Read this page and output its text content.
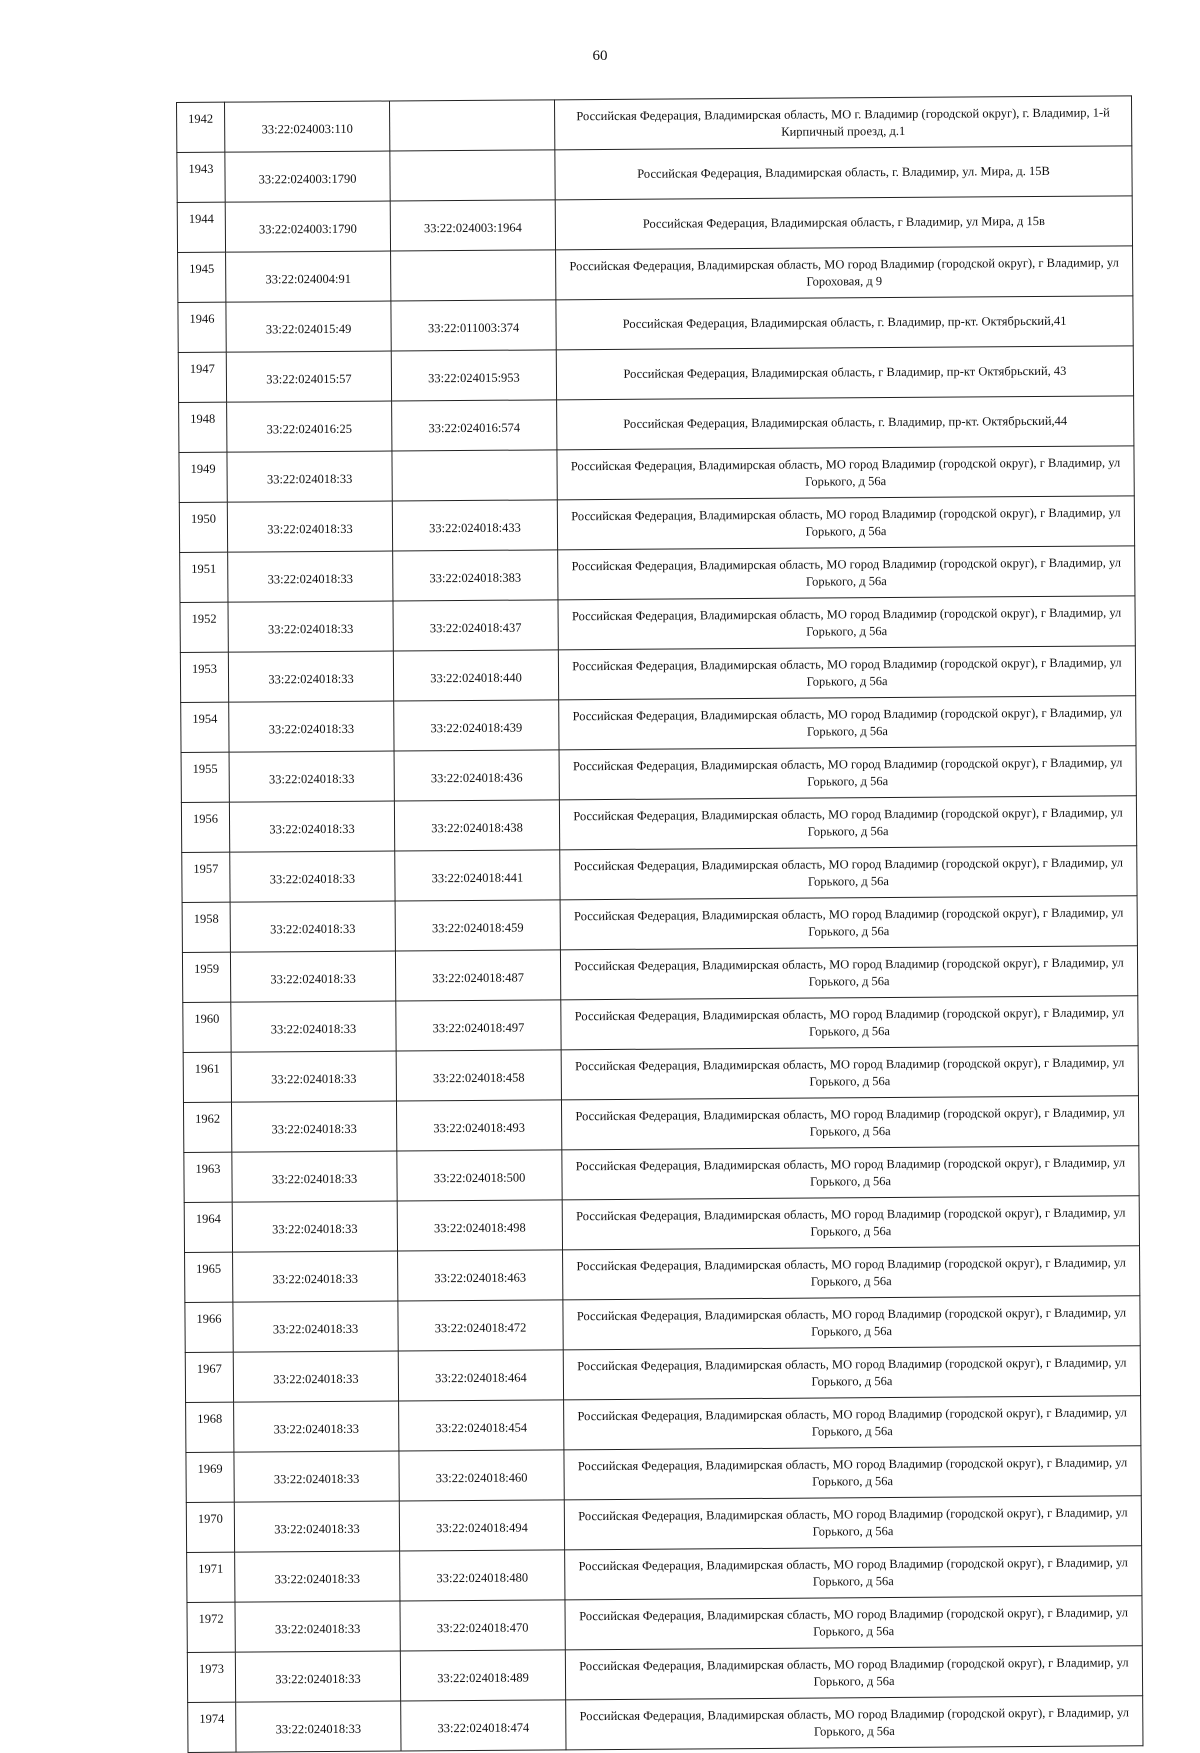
60
1942	33:22:024003:110		Российская Федерация, Владимирская область, МО г. Владимир (городской округ), г. Владимир, 1-й Кирпичный проезд, д.1
1943	33:22:024003:1790		Российская Федерация, Владимирская область, г. Владимир, ул. Мира, д. 15В
1944	33:22:024003:1790	33:22:024003:1964	Российская Федерация, Владимирская область, г Владимир, ул Мира, д 15в
1945	33:22:024004:91		Российская Федерация, Владимирская область, МО город Владимир (городской округ), г Владимир, ул Гороховая, д 9
1946	33:22:024015:49	33:22:011003:374	Российская Федерация, Владимирская область, г. Владимир, пр-кт. Октябрьский,41
1947	33:22:024015:57	33:22:024015:953	Российская Федерация, Владимирская область, г Владимир, пр-кт Октябрьский, 43
1948	33:22:024016:25	33:22:024016:574	Российская Федерация, Владимирская область, г. Владимир, пр-кт. Октябрьский,44
1949	33:22:024018:33		Российская Федерация, Владимирская область, МО город Владимир (городской округ), г Владимир, ул Горького, д 56а
1950	33:22:024018:33	33:22:024018:433	Российская Федерация, Владимирская область, МО город Владимир (городской округ), г Владимир, ул Горького, д 56а
1951	33:22:024018:33	33:22:024018:383	Российская Федерация, Владимирская область, МО город Владимир (городской округ), г Владимир, ул Горького, д 56а
1952	33:22:024018:33	33:22:024018:437	Российская Федерация, Владимирская область, МО город Владимир (городской округ), г Владимир, ул Горького, д 56а
1953	33:22:024018:33	33:22:024018:440	Российская Федерация, Владимирская область, МО город Владимир (городской округ), г Владимир, ул Горького, д 56а
1954	33:22:024018:33	33:22:024018:439	Российская Федерация, Владимирская область, МО город Владимир (городской округ), г Владимир, ул Горького, д 56а
1955	33:22:024018:33	33:22:024018:436	Российская Федерация, Владимирская область, МО город Владимир (городской округ), г Владимир, ул Горького, д 56а
1956	33:22:024018:33	33:22:024018:438	Российская Федерация, Владимирская область, МО город Владимир (городской округ), г Владимир, ул Горького, д 56а
1957	33:22:024018:33	33:22:024018:441	Российская Федерация, Владимирская область, МО город Владимир (городской округ), г Владимир, ул Горького, д 56а
1958	33:22:024018:33	33:22:024018:459	Российская Федерация, Владимирская область, МО город Владимир (городской округ), г Владимир, ул Горького, д 56а
1959	33:22:024018:33	33:22:024018:487	Российская Федерация, Владимирская область, МО город Владимир (городской округ), г Владимир, ул Горького, д 56а
1960	33:22:024018:33	33:22:024018:497	Российская Федерация, Владимирская область, МО город Владимир (городской округ), г Владимир, ул Горького, д 56а
1961	33:22:024018:33	33:22:024018:458	Российская Федерация, Владимирская область, МО город Владимир (городской округ), г Владимир, ул Горького, д 56а
1962	33:22:024018:33	33:22:024018:493	Российская Федерация, Владимирская область, МО город Владимир (городской округ), г Владимир, ул Горького, д 56а
1963	33:22:024018:33	33:22:024018:500	Российская Федерация, Владимирская область, МО город Владимир (городской округ), г Владимир, ул Горького, д 56а
1964	33:22:024018:33	33:22:024018:498	Российская Федерация, Владимирская область, МО город Владимир (городской округ), г Владимир, ул Горького, д 56а
1965	33:22:024018:33	33:22:024018:463	Российская Федерация, Владимирская область, МО город Владимир (городской округ), г Владимир, ул Горького, д 56а
1966	33:22:024018:33	33:22:024018:472	Российская Федерация, Владимирская область, МО город Владимир (городской округ), г Владимир, ул Горького, д 56а
1967	33:22:024018:33	33:22:024018:464	Российская Федерация, Владимирская область, МО город Владимир (городской округ), г Владимир, ул Горького, д 56а
1968	33:22:024018:33	33:22:024018:454	Российская Федерация, Владимирская область, МО город Владимир (городской округ), г Владимир, ул Горького, д 56а
1969	33:22:024018:33	33:22:024018:460	Российская Федерация, Владимирская область, МО город Владимир (городской округ), г Владимир, ул Горького, д 56а
1970	33:22:024018:33	33:22:024018:494	Российская Федерация, Владимирская область, МО город Владимир (городской округ), г Владимир, ул Горького, д 56а
1971	33:22:024018:33	33:22:024018:480	Российская Федерация, Владимирская область, МО город Владимир (городской округ), г Владимир, ул Горького, д 56а
1972	33:22:024018:33	33:22:024018:470	Российская Федерация, Владимирская сбласть, МО город Владимир (городской округ), г Владимир, ул Горького, д 56а
1973	33:22:024018:33	33:22:024018:489	Российская Федерация, Владимирская область, МО город Владимир (городской округ), г Владимир, ул Горького, д 56а
1974	33:22:024018:33	33:22:024018:474	Российская Федерация, Владимирская область, МО город Владимир (городской округ), г Владимир, ул Горького, д 56а
